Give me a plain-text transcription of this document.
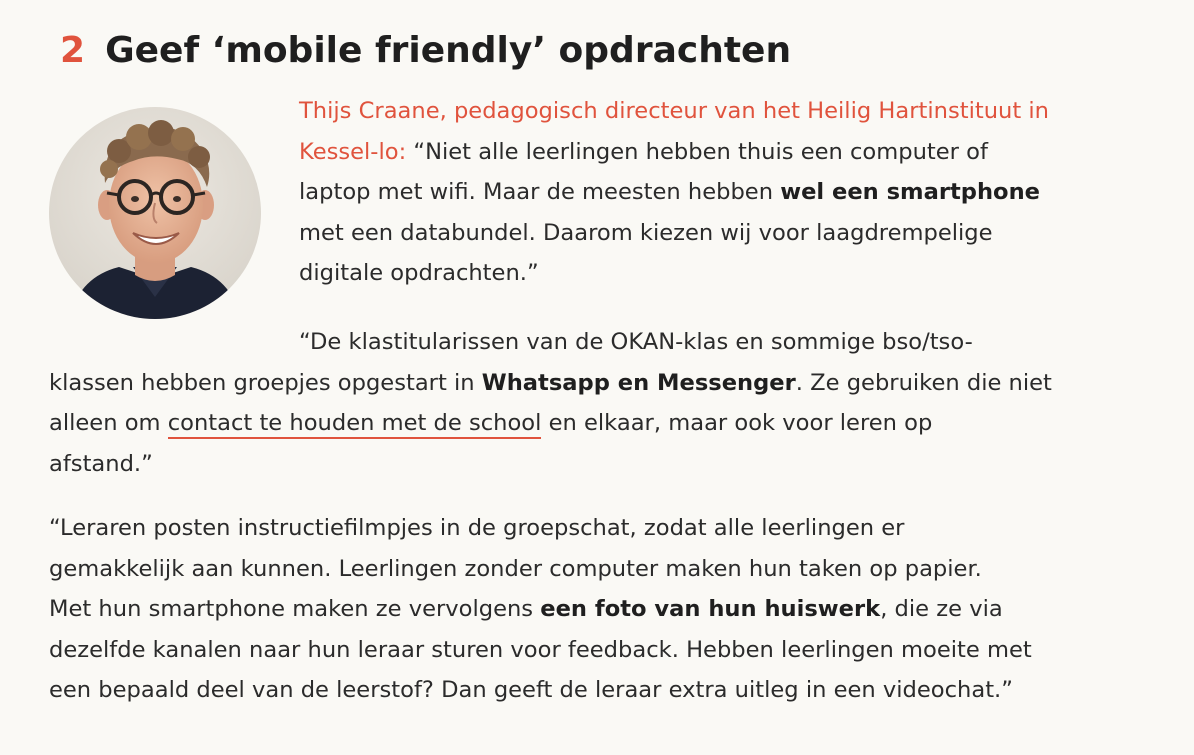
2 Geef ‘mobile friendly’ opdrachten

Thijs Craane, pedagogisch directeur van het Heilig Hartinstituut in
Kessel-lo: “Niet alle leerlingen hebben thuis een computer of
laptop met wifi. Maar de meesten hebben wel een smartphone
met een databundel. Daarom kiezen wij voor laagdrempelige
digitale opdrachten.”

“De klastitularissen van de OKAN-klas en sommige bso/tso-
klassen hebben groepjes opgestart in Whatsapp en Messenger. Ze gebruiken die niet
alleen om contact te houden met de school en elkaar, maar ook voor leren op
afstand.”

“Leraren posten instructiefilmpjes in de groepschat, zodat alle leerlingen er
gemakkelijk aan kunnen. Leerlingen zonder computer maken hun taken op papier.
Met hun smartphone maken ze vervolgens een foto van hun huiswerk, die ze via
dezelfde kanalen naar hun leraar sturen voor feedback. Hebben leerlingen moeite met
een bepaald deel van de leerstof? Dan geeft de leraar extra uitleg in een videochat.”
